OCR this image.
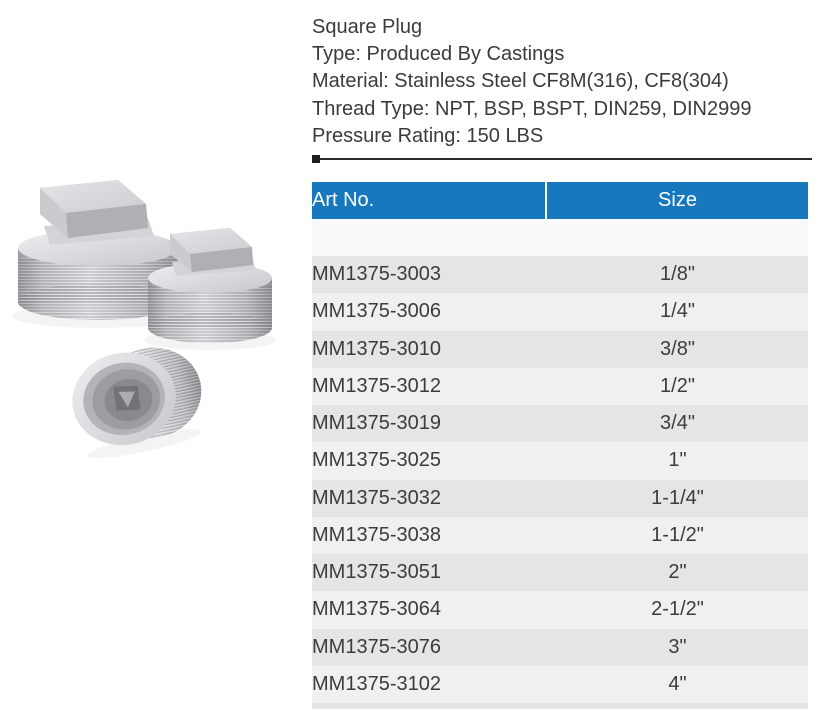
Square Plug
Type: Produced By Castings
Material: Stainless Steel CF8M(316), CF8(304)
Thread Type: NPT, BSP, BSPT, DIN259, DIN2999
Pressure Rating: 150 LBS
Art No.	Size

MM1375-3003	1/8"
MM1375-3006	1/4"
MM1375-3010	3/8"
MM1375-3012	1/2"
MM1375-3019	3/4"
MM1375-3025	1"
MM1375-3032	1-1/4"
MM1375-3038	1-1/2"
MM1375-3051	2"
MM1375-3064	2-1/2"
MM1375-3076	3"
MM1375-3102	4"
